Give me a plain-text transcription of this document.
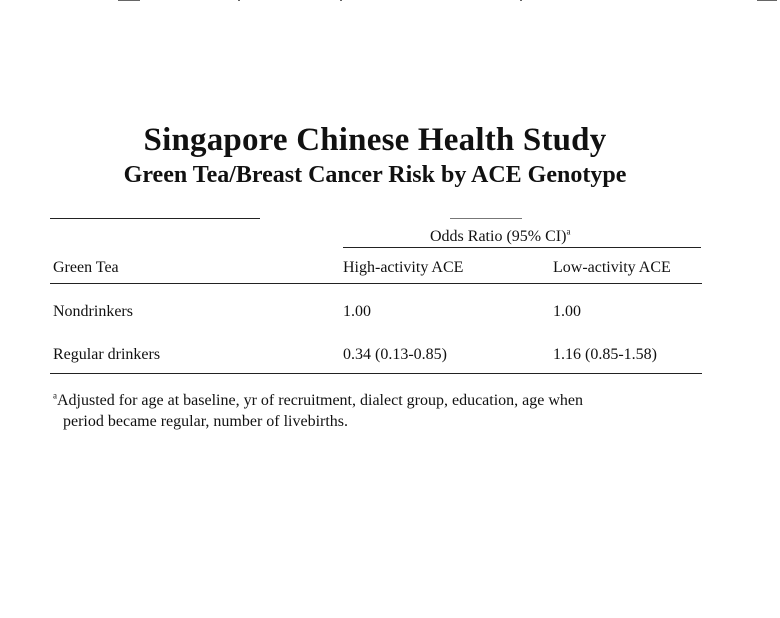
Singapore Chinese Health Study
Green Tea/Breast Cancer Risk by ACE Genotype
Odds Ratio (95% CI)$^a$
Green Tea	High-activity ACE	Low-activity ACE
Nondrinkers	1.00	1.00
Regular drinkers	0.34 (0.13-0.85)	1.16 (0.85-1.58)
$^a$Adjusted for age at baseline, yr of recruitment, dialect group, education, age when
period became regular, number of livebirths.
